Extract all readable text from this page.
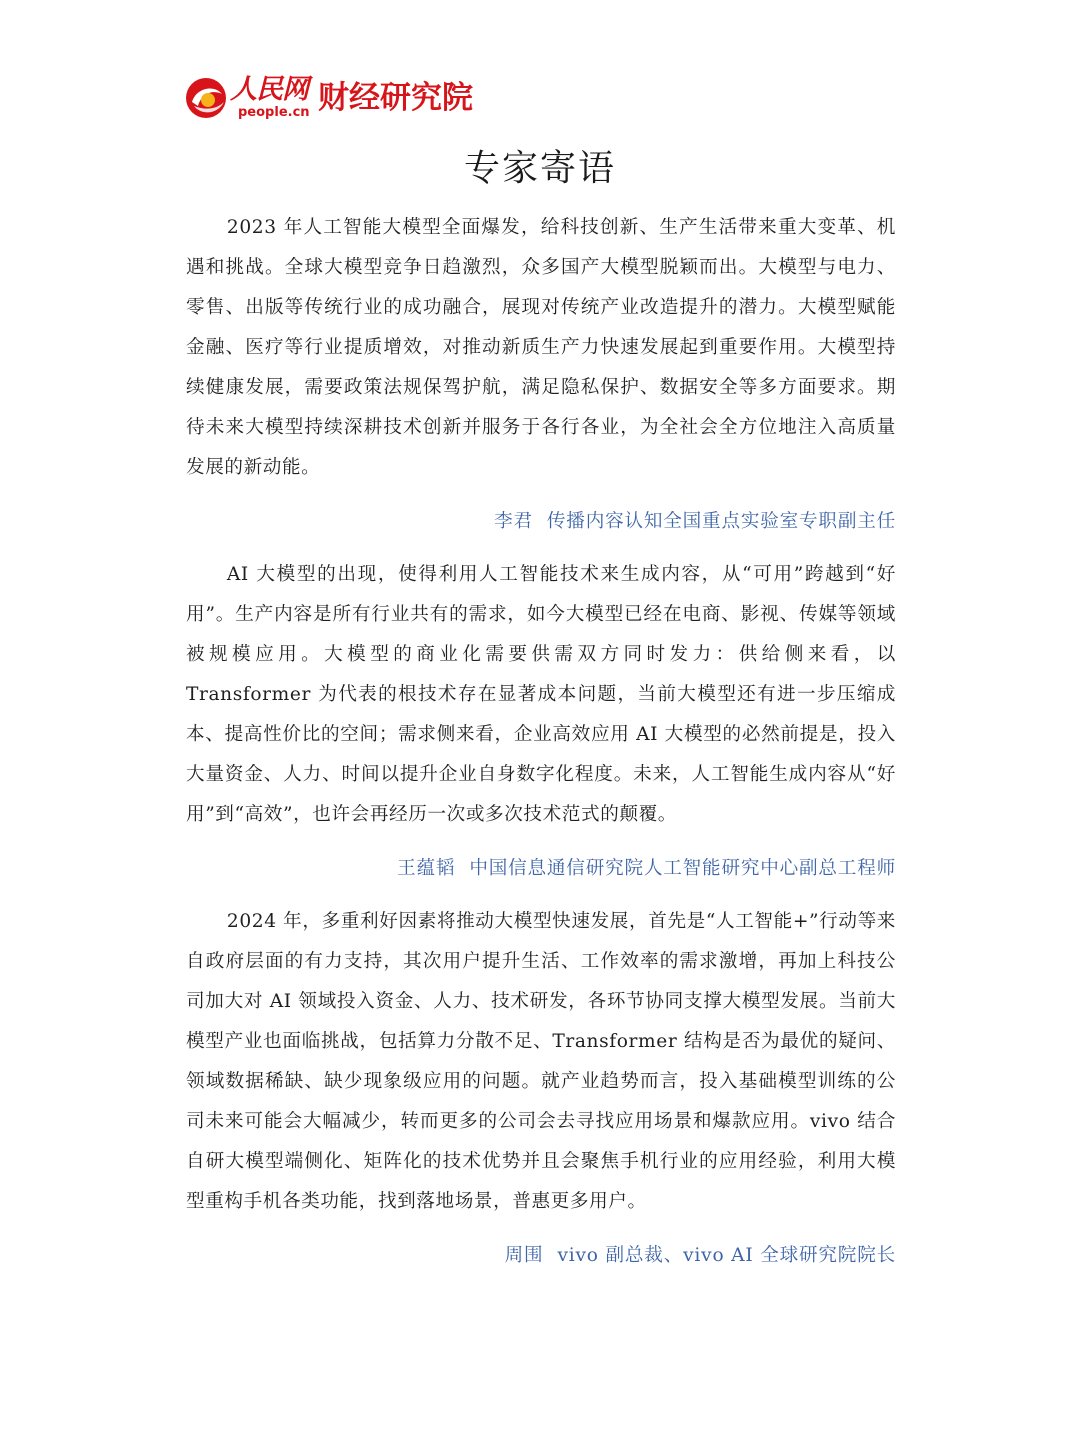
人民网
people.cn 财经研究院
专家寄语

2023 年人工智能大模型全面爆发，给科技创新、生产生活带来重大变革、机遇和挑战。全球大模型竞争日趋激烈，众多国产大模型脱颖而出。大模型与电力、零售、出版等传统行业的成功融合，展现对传统产业改造提升的潜力。大模型赋能金融、医疗等行业提质增效，对推动新质生产力快速发展起到重要作用。大模型持续健康发展，需要政策法规保驾护航，满足隐私保护、数据安全等多方面要求。期待未来大模型持续深耕技术创新并服务于各行各业，为全社会全方位地注入高质量发展的新动能。

李君 传播内容认知全国重点实验室专职副主任

AI 大模型的出现，使得利用人工智能技术来生成内容，从“可用”跨越到“好用”。生产内容是所有行业共有的需求，如今大模型已经在电商、影视、传媒等领域被规模应用。大模型的商业化需要供需双方同时发力：供给侧来看，以 Transformer 为代表的根技术存在显著成本问题，当前大模型还有进一步压缩成本、提高性价比的空间；需求侧来看，企业高效应用 AI 大模型的必然前提是，投入大量资金、人力、时间以提升企业自身数字化程度。未来，人工智能生成内容从“好用”到“高效”，也许会再经历一次或多次技术范式的颠覆。

王蕴韬 中国信息通信研究院人工智能研究中心副总工程师

2024 年，多重利好因素将推动大模型快速发展，首先是“人工智能+”行动等来自政府层面的有力支持，其次用户提升生活、工作效率的需求激增，再加上科技公司加大对 AI 领域投入资金、人力、技术研发，各环节协同支撑大模型发展。当前大模型产业也面临挑战，包括算力分散不足、Transformer 结构是否为最优的疑问、领域数据稀缺、缺少现象级应用的问题。就产业趋势而言，投入基础模型训练的公司未来可能会大幅减少，转而更多的公司会去寻找应用场景和爆款应用。vivo 结合自研大模型端侧化、矩阵化的技术优势并且会聚焦手机行业的应用经验，利用大模型重构手机各类功能，找到落地场景，普惠更多用户。

周围 vivo 副总裁、vivo AI 全球研究院院长
